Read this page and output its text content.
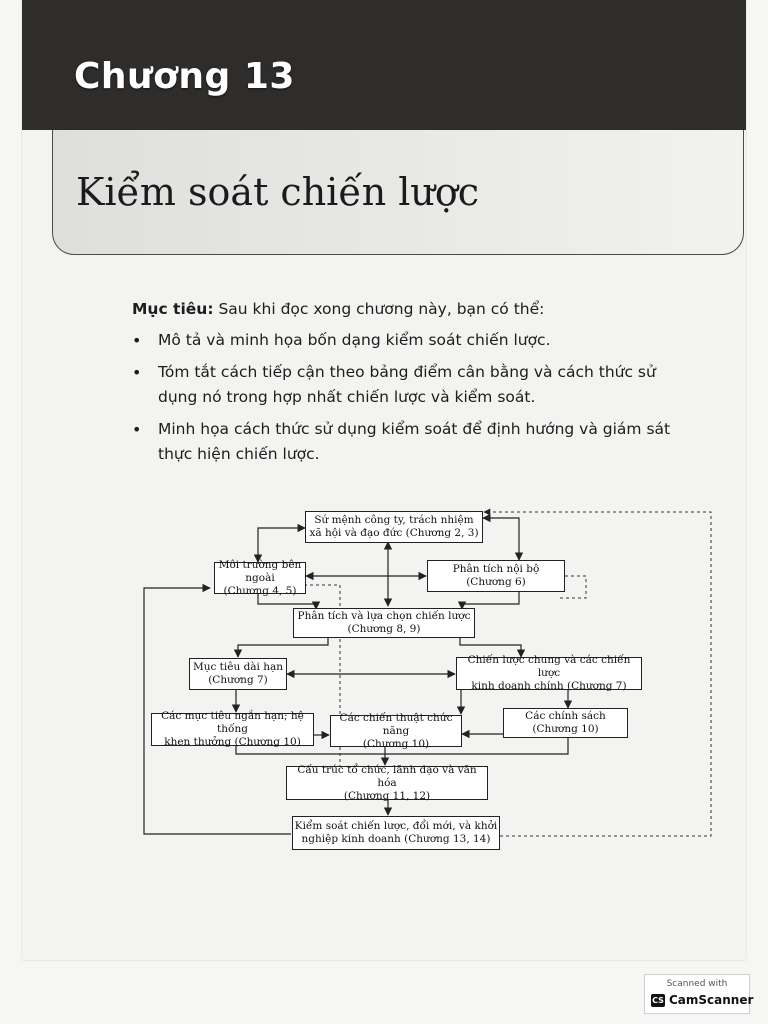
Chương 13
Kiểm soát chiến lược

Mục tiêu: Sau khi đọc xong chương này, bạn có thể:

• Mô tả và minh họa bốn dạng kiểm soát chiến lược.
• Tóm tắt cách tiếp cận theo bảng điểm cân bằng và cách thức sử dụng nó trong hợp nhất chiến lược và kiểm soát.
• Minh họa cách thức sử dụng kiểm soát để định hướng và giám sát thực hiện chiến lược.
Sứ mệnh công ty, trách nhiệm
xã hội và đạo đức (Chương 2, 3)
Môi trường bên ngoài
(Chương 4, 5)
Phân tích nội bộ
(Chương 6)
Phân tích và lựa chọn chiến lược
(Chương 8, 9)
Mục tiêu dài hạn
(Chương 7)
Chiến lược chung và các chiến lược
kinh doanh chính (Chương 7)
Các mục tiêu ngắn hạn; hệ thống
khen thưởng (Chương 10)
Các chiến thuật chức năng
(Chương 10)
Các chính sách
(Chương 10)
Cấu trúc tổ chức, lãnh đạo và văn hóa
(Chương 11, 12)
Kiểm soát chiến lược, đổi mới, và khởi
nghiệp kinh doanh (Chương 13, 14)
Scanned with
CS CamScanner
